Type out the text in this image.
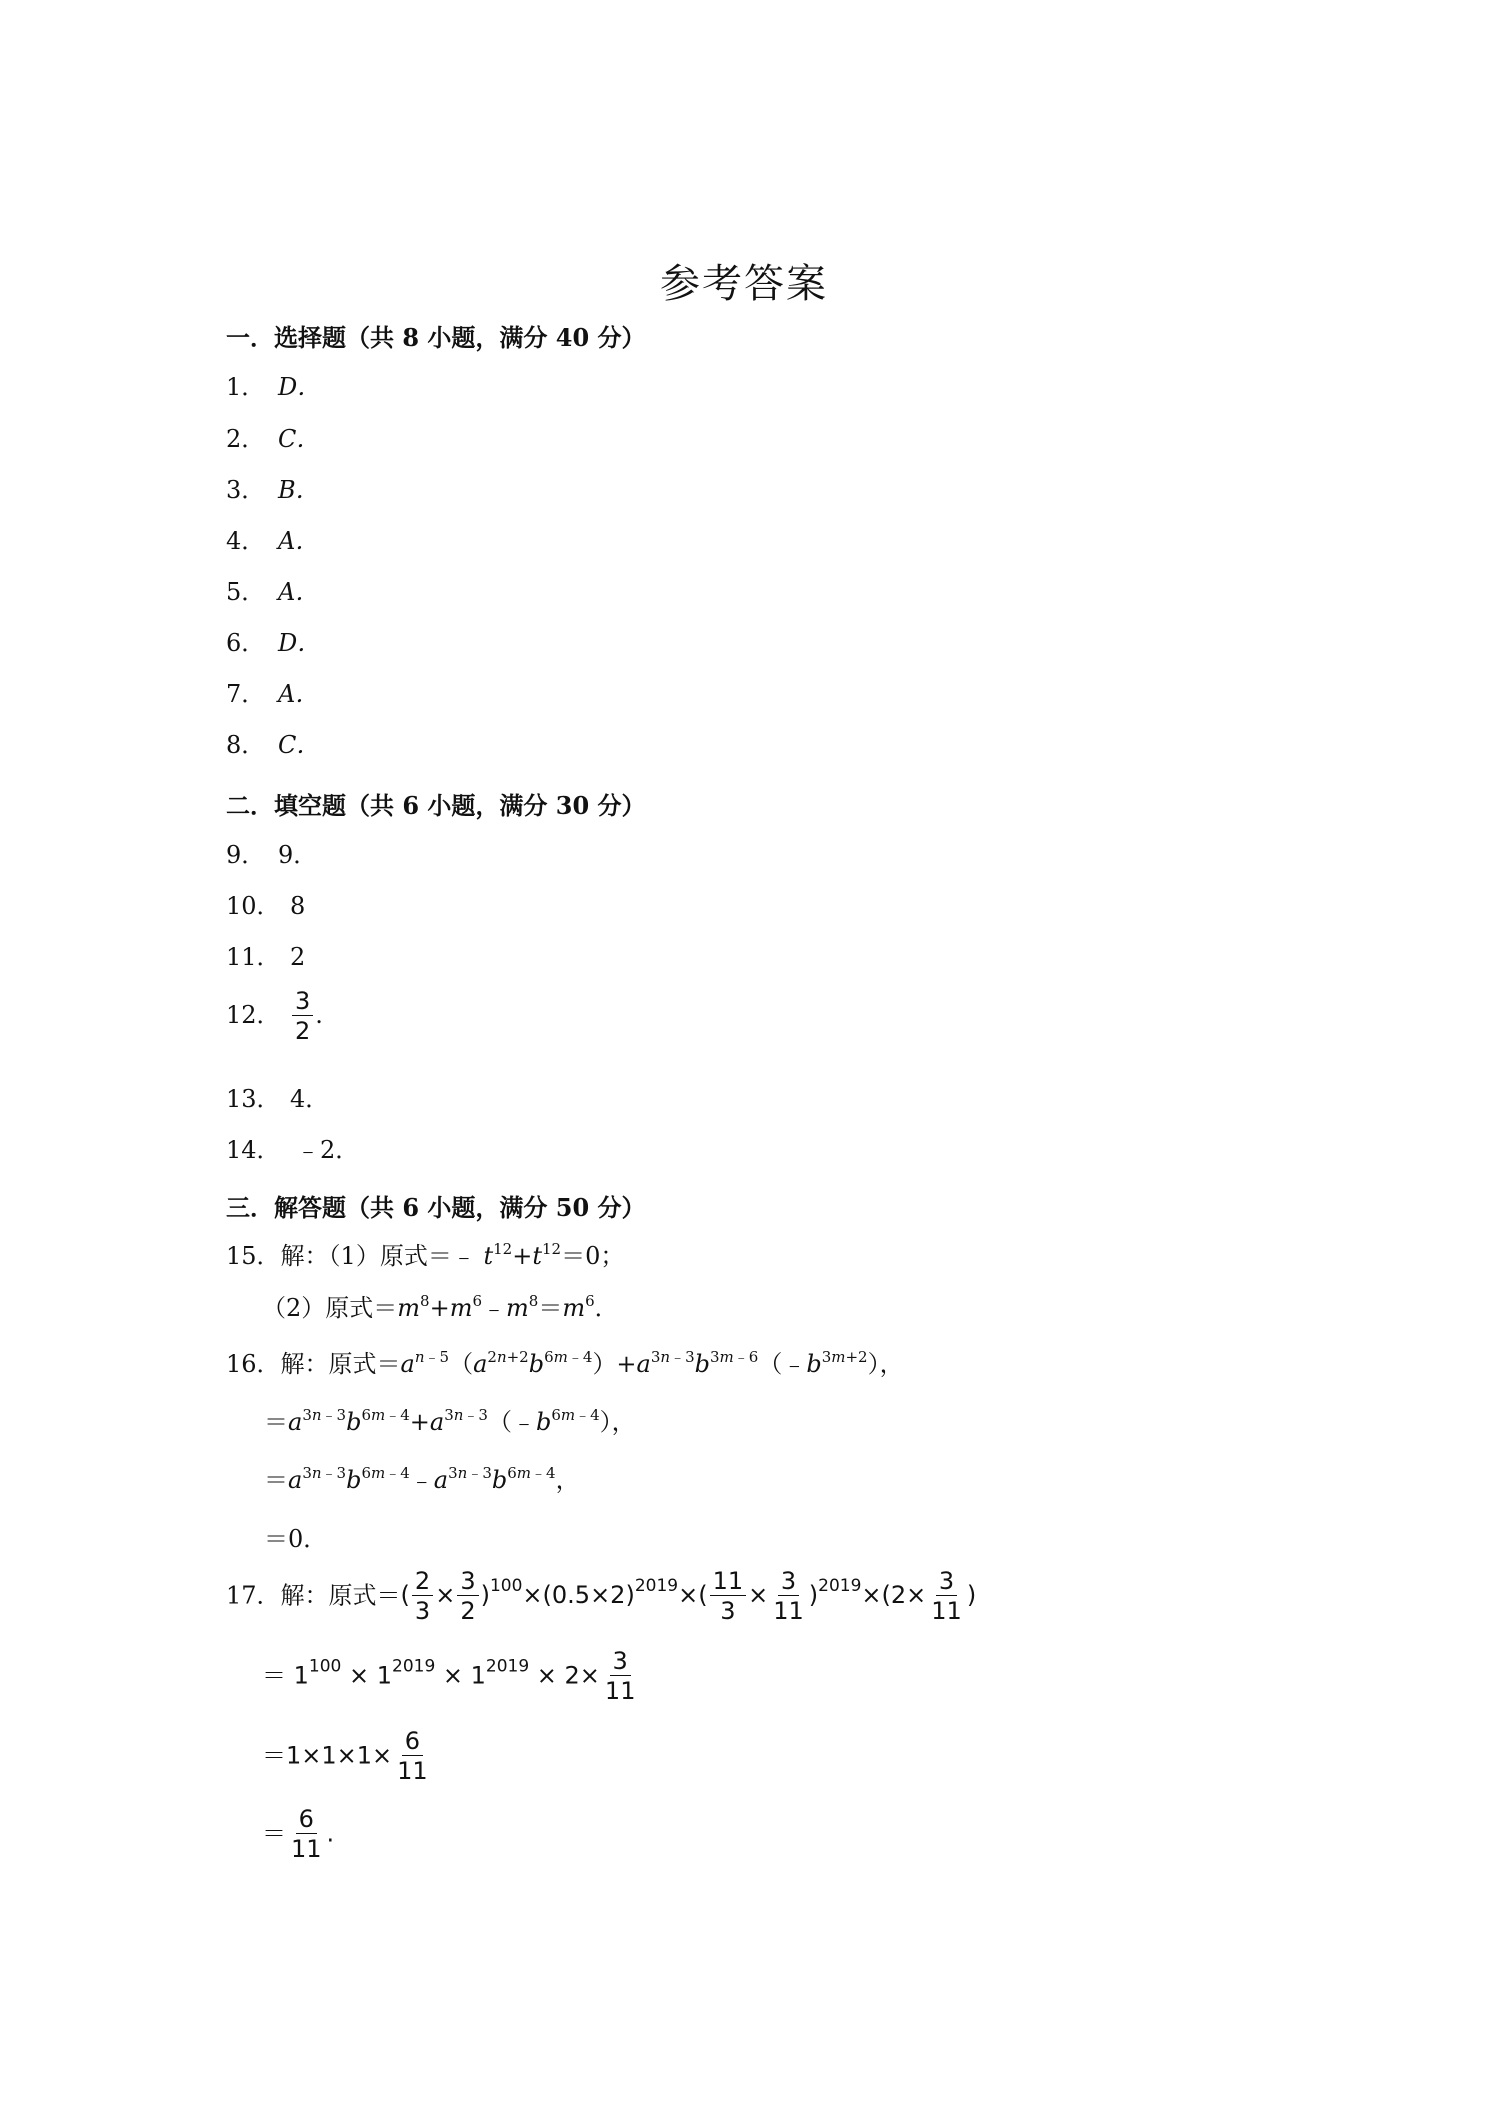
参考答案
一．选择题（共 8 小题，满分 40 分）
1． D．
2． C．
3． B．
4． A．
5． A．
6． D．
7． A．
8． C．
二．填空题（共 6 小题，满分 30 分）
9． 9．
10． 8
11． 2
12． $\frac{3}{2}$ .
13． 4．
14． ﹣2．
三．解答题（共 6 小题，满分 50 分）
15．解：（1）原式＝﹣ $t^{12}+t^{12}=0$；
（2）原式$=m^8+m^6﹣m^8=m^6$．
16．解：原式$=a^{n﹣5}(a^{2n+2}b^{6m﹣4})+a^{3n﹣3}b^{3m﹣6}(﹣b^{3m+2})$，
$=a^{3n﹣3}b^{6m﹣4}+a^{3n﹣3}(﹣b^{6m﹣4})$，
$=a^{3n﹣3}b^{6m﹣4}﹣a^{3n﹣3}b^{6m﹣4}$，
＝0．
17．解：原式＝( $\frac{2}{3} \times \frac{3}{2} )^{100}\times(0.5\times 2)^{2019}\times( \frac{11}{3} \times \frac{3}{11} )^{2019}\times(2\times \frac{3}{11}$ )
＝ $1^{100} \times 1^{2019} \times 1^{2019} \times 2\times \frac{3}{11}$
$=1\times 1\times 1\times \frac{6}{11}$
＝ $\frac{6}{11}$ .
